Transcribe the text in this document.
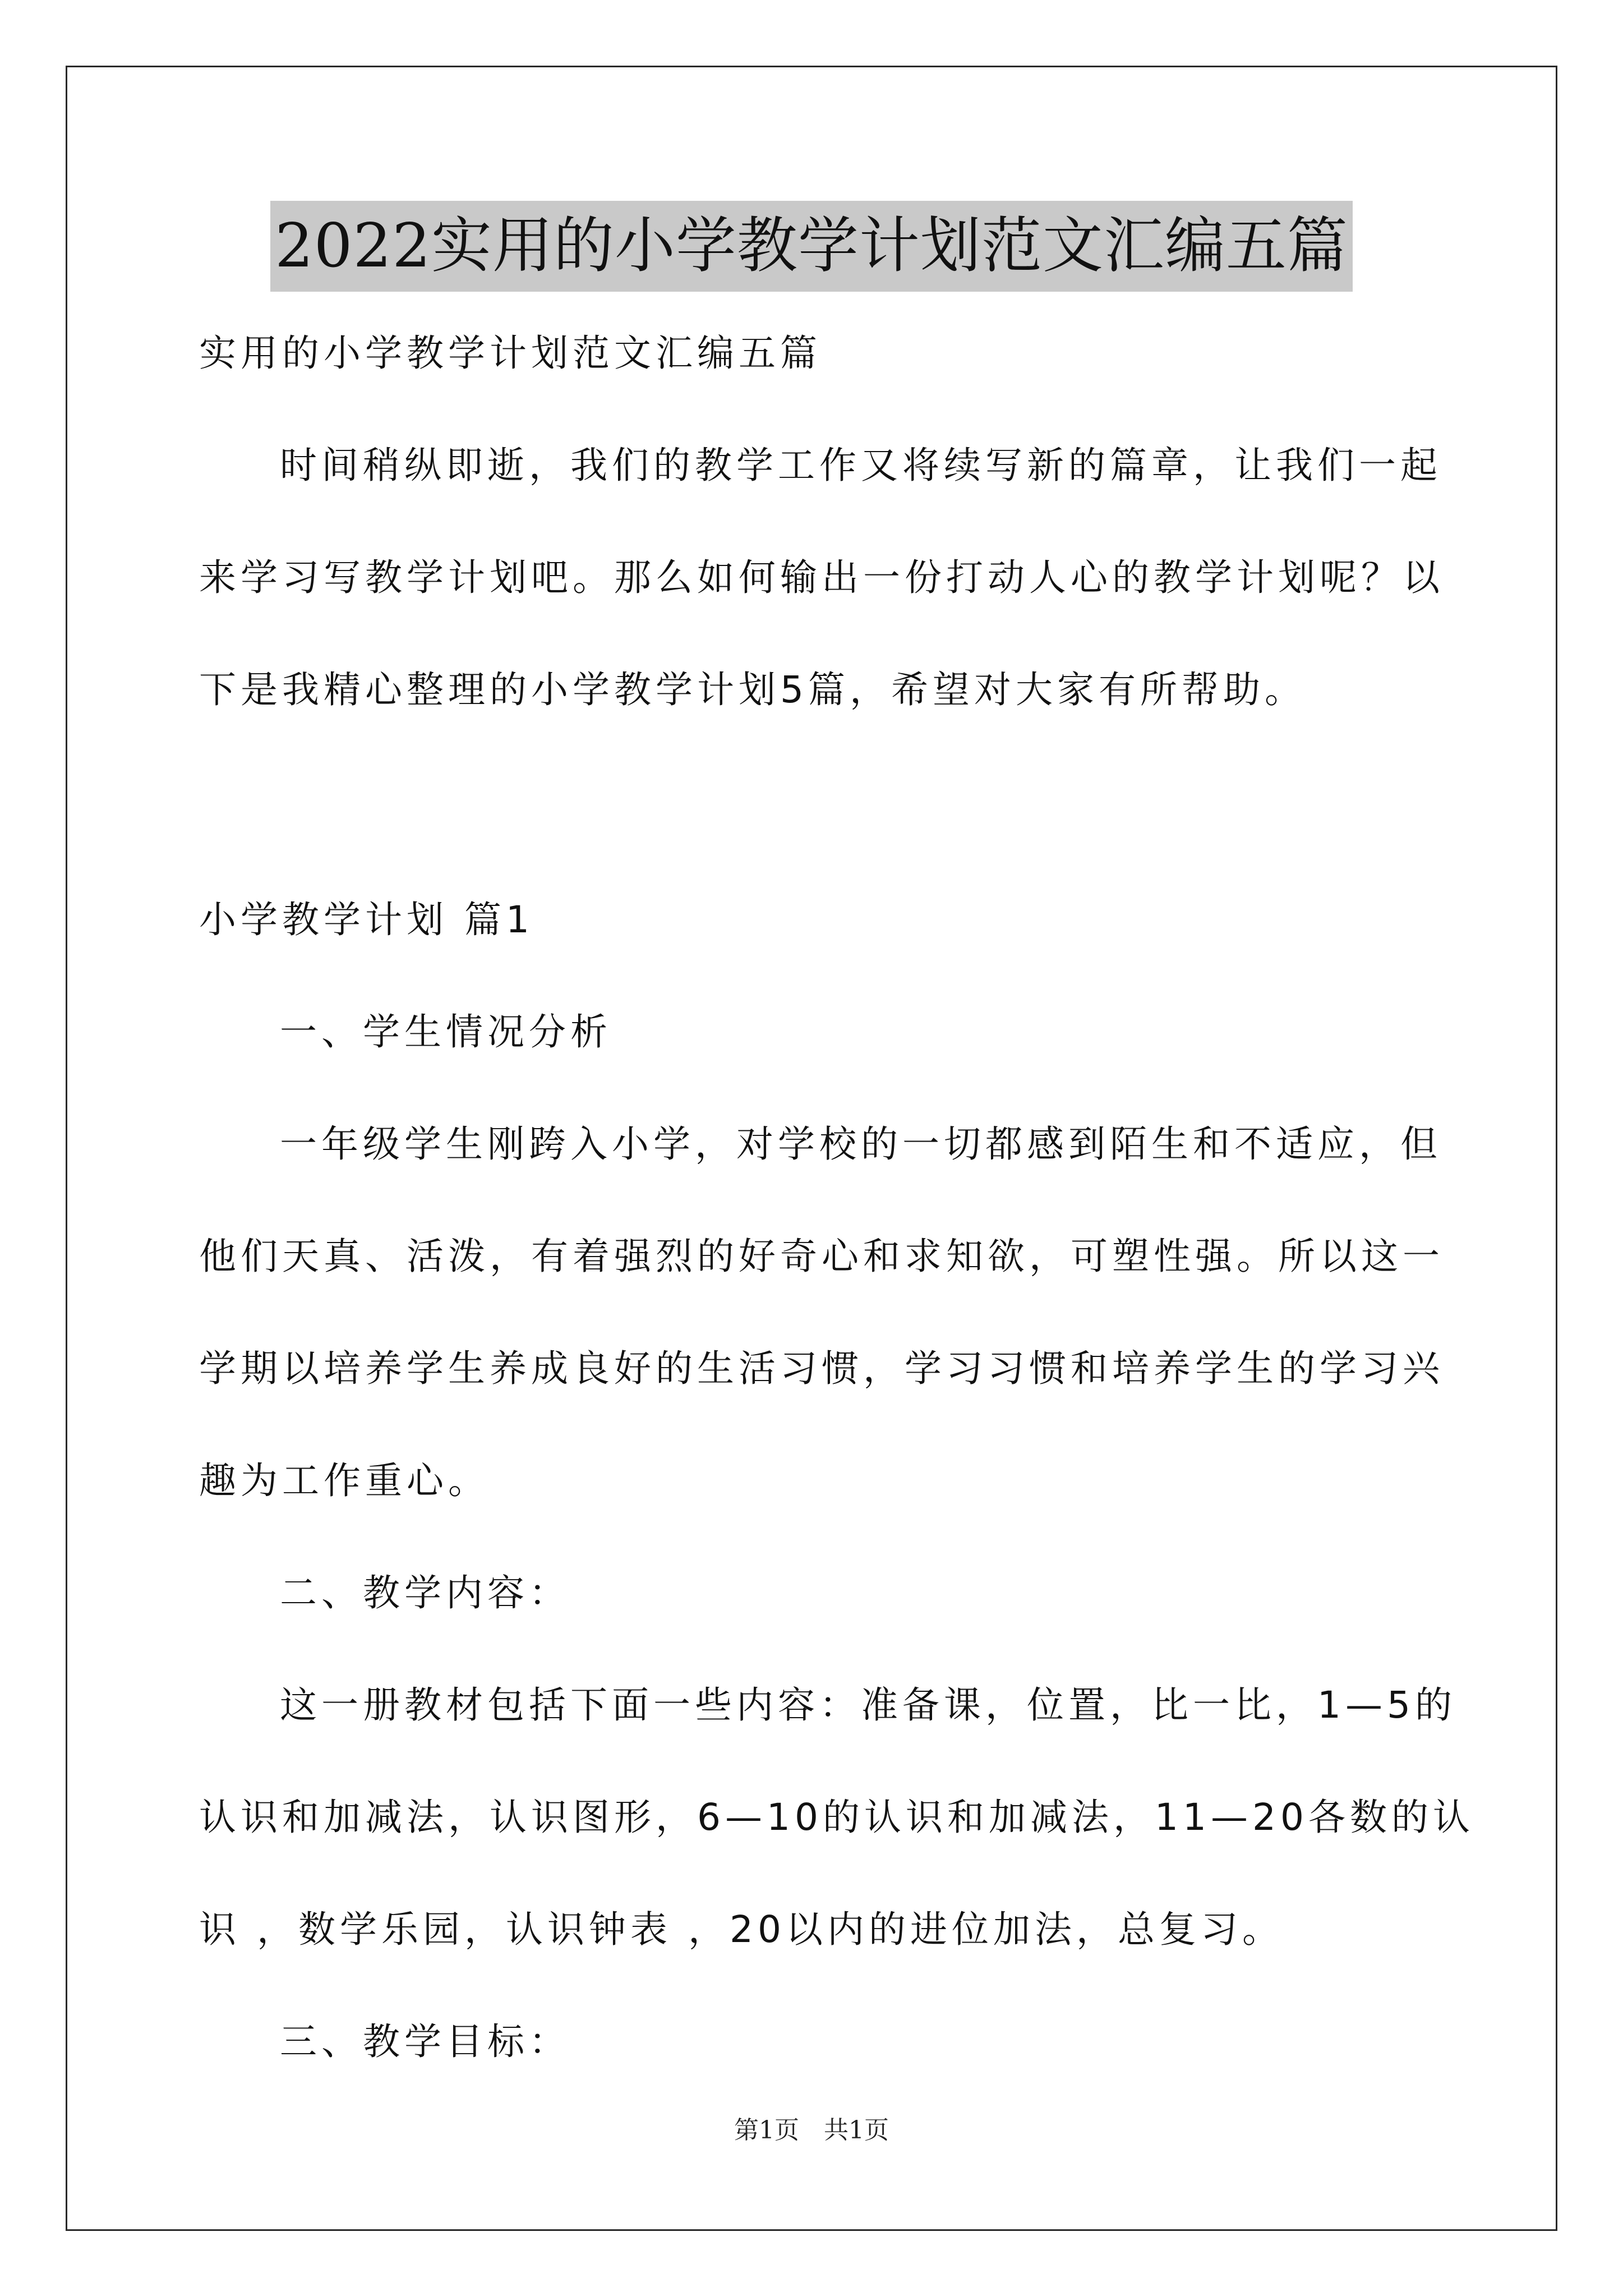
2022实用的小学教学计划范文汇编五篇

实用的小学教学计划范文汇编五篇

时间稍纵即逝，我们的教学工作又将续写新的篇章，让我们一起

来学习写教学计划吧。那么如何输出一份打动人心的教学计划呢？以

下是我精心整理的小学教学计划5篇，希望对大家有所帮助。

小学教学计划 篇1

一、学生情况分析

一年级学生刚跨入小学，对学校的一切都感到陌生和不适应，但

他们天真、活泼，有着强烈的好奇心和求知欲，可塑性强。所以这一

学期以培养学生养成良好的生活习惯，学习习惯和培养学生的学习兴

趣为工作重心。

二、教学内容：

这一册教材包括下面一些内容：准备课，位置，比一比，1—5的

认识和加减法，认识图形，6—10的认识和加减法，11—20各数的认

识 ，数学乐园，认识钟表 ，20以内的进位加法，总复习。

三、教学目标：

第1页　共1页
